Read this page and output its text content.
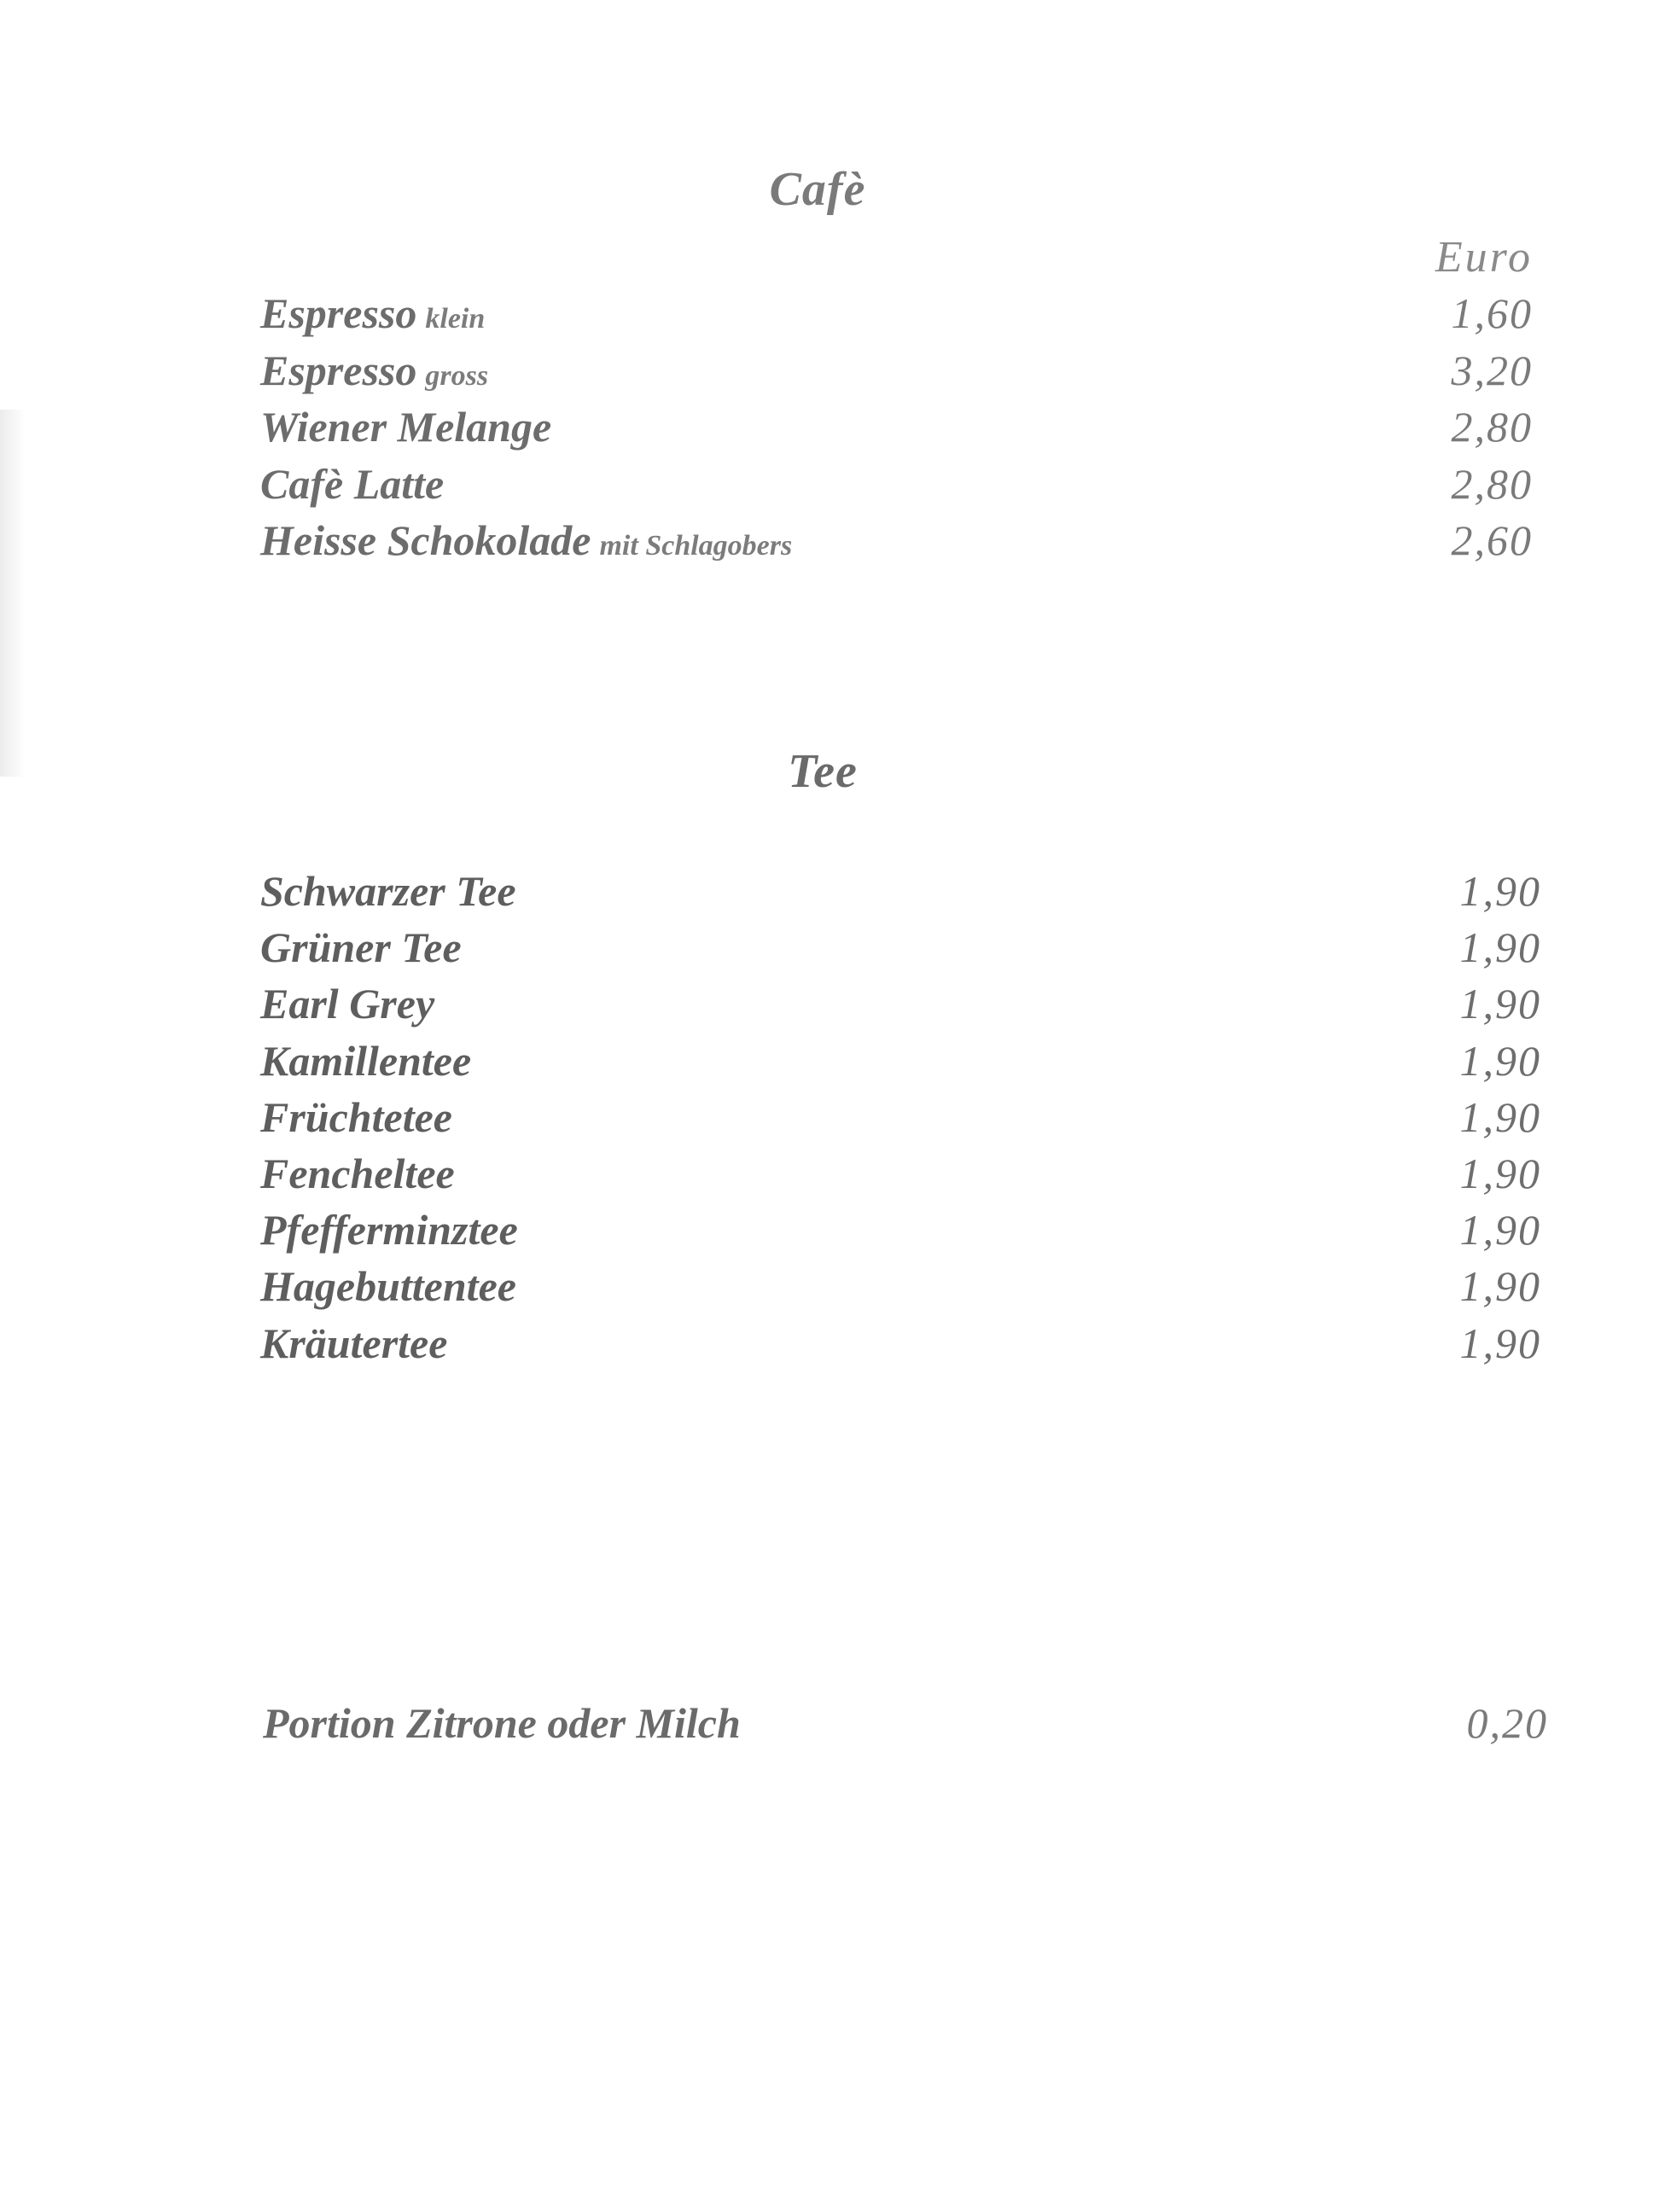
Cafè
Euro
Espresso klein	1,60
Espresso gross	3,20
Wiener Melange	2,80
Cafè Latte	2,80
Heisse Schokolade mit Schlagobers	2,60
Tee
Schwarzer Tee	1,90
Grüner Tee	1,90
Earl Grey	1,90
Kamillentee	1,90
Früchtetee	1,90
Fencheltee	1,90
Pfefferminztee	1,90
Hagebuttentee	1,90
Kräutertee	1,90
Portion Zitrone oder Milch	0,20
